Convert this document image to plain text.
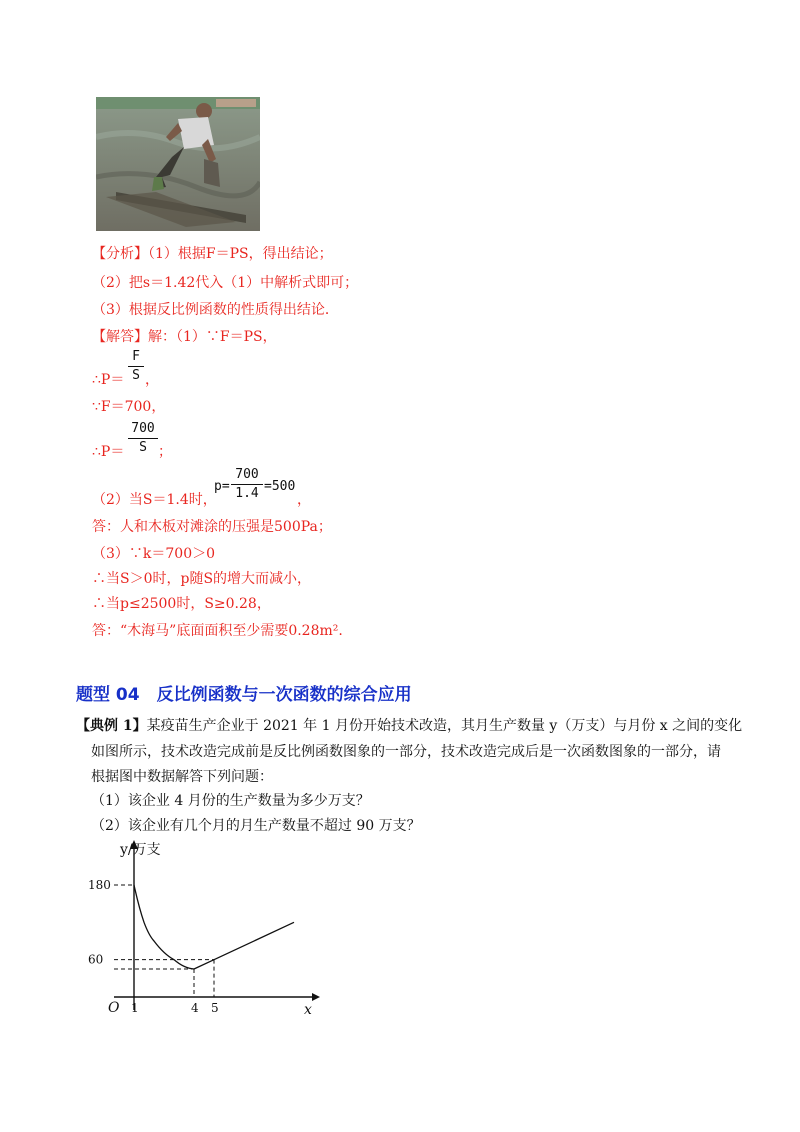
【分析】（1）根据F＝PS，得出结论；
（2）把s＝1.42代入（1）中解析式即可；
（3）根据反比例函数的性质得出结论．
【解答】解：（1）∵F＝PS，
F
S
∴P＝ ，
∵F＝700，
700
S
∴P＝ ；
（2）当S＝1.4时，
p=
700
1.4 =500
，
答：人和木板对滩涂的压强是500Pa；
（3）∵k＝700＞0
∴当S＞0时，p随S的增大而减小，
∴当p≤2500时，S≥0.28，
答：“木海马”底面面积至少需要0.28m².
题型 04　反比例函数与一次函数的综合应用
【典例 1】某疫苗生产企业于 2021 年 1 月份开始技术改造，其月生产数量 y（万支）与月份 x 之间的变化
如图所示，技术改造完成前是反比例函数图象的一部分，技术改造完成后是一次函数图象的一部分，请
根据图中数据解答下列问题：
（1）该企业 4 月份的生产数量为多少万支？
（2）该企业有几个月的月生产数量不超过 90 万支？
y/万支
x
O 1	4 5
180
60
